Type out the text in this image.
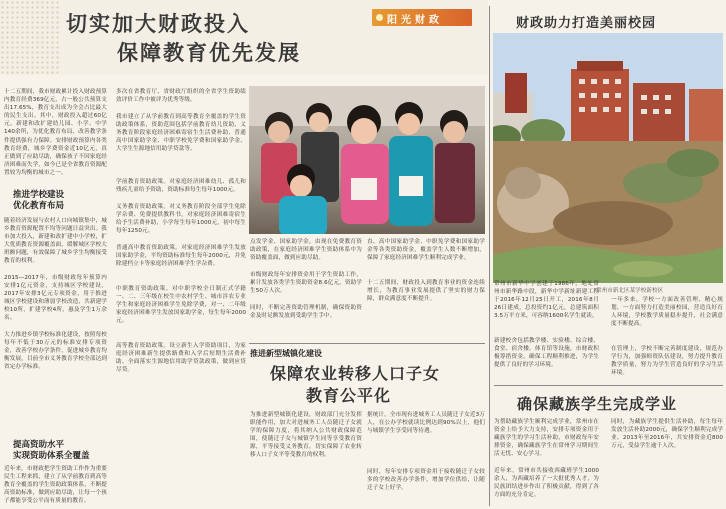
切实加大财政投入
保障教育优先发展
阳光财政
十二五期间，我市财政累计投入财政预算内教育经费369亿元，占一般公共预算支出17.65%，教育支出成为全会占比最大的民生支出。其中，财政投入超过60亿元，新建和改扩建幼儿园、小学、中学140余所，为优化教育布局、改善教学条件提供强有力保障。安排财政预算内各类教育经费，城乡学费资金近10亿元，真正做到了应助尽助，确保孩子不因家庭经济困难而失学，如今已是全省教育资源配置较为均衡的城市之一。
推进学校建设
优化教育布局
随着经济发展与农村人口向城镇集中，城乡教育资源配置不均等问题日益突出。我市加大投入，新建和改扩建中小学校，扩大优质教育资源覆盖面，缓解城区学校大班额问题，有效保障了城乡学生均衡接受教育的权利。
2015—2017年，市级财政每年预算内安排1亿元资金，支持城区学校建设，2017年安排3亿元专项资金，用于推进城区学校建设和薄弱学校改造，共新建学校10所，扩建学校4所，惠及学生1万余名。
大力推进乡镇学校标准化建设，按照每校每年不低于30万元的标准安排专项资金，改善学校办学条件，促进城乡教育均衡发展，目前全市义务教育学校全部达到省定办学标准。
提高资助水平
实现资助体系全覆盖
近年来，市财政把学生资助工作作为重要民生工程来抓，建立了从学前教育到高等教育全覆盖的学生资助政策体系，不断提高资助标准，做到应助尽助，让每一个孩子都能享受公平而有质量的教育。
多次在省教育厅、省财政厅组织的全省学生资助绩效评价工作中被评为优秀等级。
我市建立了从学前教育到高等教育全覆盖的学生资助政策体系，资助范围包括学前教育幼儿资助、义务教育阶段家庭经济困难寄宿生生活费补助、普通高中国家助学金、中职学校免学费和国家助学金、大学生生源地信用助学贷款等。
学前教育资助政策。对家庭经济困难幼儿、孤儿和残疾儿童给予资助，资助标准每生每年1000元。
义务教育资助政策。对义务教育阶段全部学生免除学杂费、免费提供教科书，对家庭经济困难寄宿生给予生活费补助，小学每生每年1000元，初中每生每年1250元。
普通高中教育资助政策。对家庭经济困难学生发放国家助学金，平均资助标准每生每年2000元，并免除建档立卡等家庭经济困难学生学杂费。
中职教育资助政策。对中职学校全日制正式学籍一、二、三年级在校生中农村学生、城市涉农专业学生和家庭经济困难学生免除学费，对一、二年级家庭经济困难学生发放国家助学金，每生每年2000元。
高等教育资助政策。设立新生入学资助项目，为家庭经济困难新生提供路费和入学后短期生活费补助。全面落实生源地信用助学贷款政策，做到应贷尽贷。
点发学金、国家助学金，由现在免费教育资助政策，在家庭经济困难学生资助体系中为资助覆盖面，做到应助尽助。
市级财政每年安排资金用于学生资助工作，累计发放各类学生资助资金8.6亿元，资助学生50万人次。
同时，不断完善资助管理机制，确保资助资金及时足额发放到受助学生手中。
直、高中国家助学金、中职免学费和国家助学金等各类资助资金，覆盖学生人数不断增加，保障了家庭经济困难学生顺利完成学业。
十二五期间，财政投入到教育事业的资金连续增长，为教育事业发展提供了坚实的财力保障，群众满意度不断提升。
推进新型城镇化建设
保障农业转移人口子女
教育公平化
为推进新型城镇化建设，财政部门充分发挥职能作用，加大对进城务工人员随迁子女就学的保障力度，将其纳入公共财政保障范围，使随迁子女与城镇学生同等享受教育资源，平等接受义务教育，切实保障了农业转移人口子女平等受教育的权利。
据统计，全市现有进城务工人员随迁子女近3万人，在公办学校就读比例达到90%以上，他们与城镇学生享受同等待遇。
同时，每年安排专项资金用于接收随迁子女较多的学校改善办学条件，增加学位供给，让随迁子女上好学。
财政助力打造美丽校园
常州市新北区某学校新校区
常州市新华中学创建于1986年，地处常州市新华路中段，新华中学新址新建工程于2016年12月25日开工，2016年8月26日建成，总投资约1亿元，总建筑面积3.5万平方米，可容纳1600名学生就读。
新建校舍包括教学楼、实验楼、综合楼、食堂、宿舍楼、体育馆等设施，市财政积极筹措资金，确保工程顺利推进，为学生提供了良好的学习环境。
一年多来，学校一方面改善管理、精心规划，一方面努力打造美丽校园，营造良好育人环境，学校教学质量稳步提升，社会满意度不断提高。
在管理上，学校不断完善制度建设，规范办学行为，加强师资队伍建设，努力提升教育教学质量，努力为学生营造良好的学习生活环境。
确保藏族学生完成学业
为帮助藏族学生顺利完成学业，常州市在资金上给予大力支持，安排专项资金用于藏族学生的学习生活补助，市财政每年安排资金，确保藏族学生在常州学习期间生活无忧、安心学习。
近年来，常州市共接收西藏班学生1000余人，为西藏培养了一大批优秀人才，为民族团结进步作出了积极贡献，得到了各方面的充分肯定。
同时，为藏族学生提供生活补助，每生每年发放生活补助2000元，确保学生顺利完成学业。2013年至2016年，共安排资金近800万元，受益学生逾千人次。
